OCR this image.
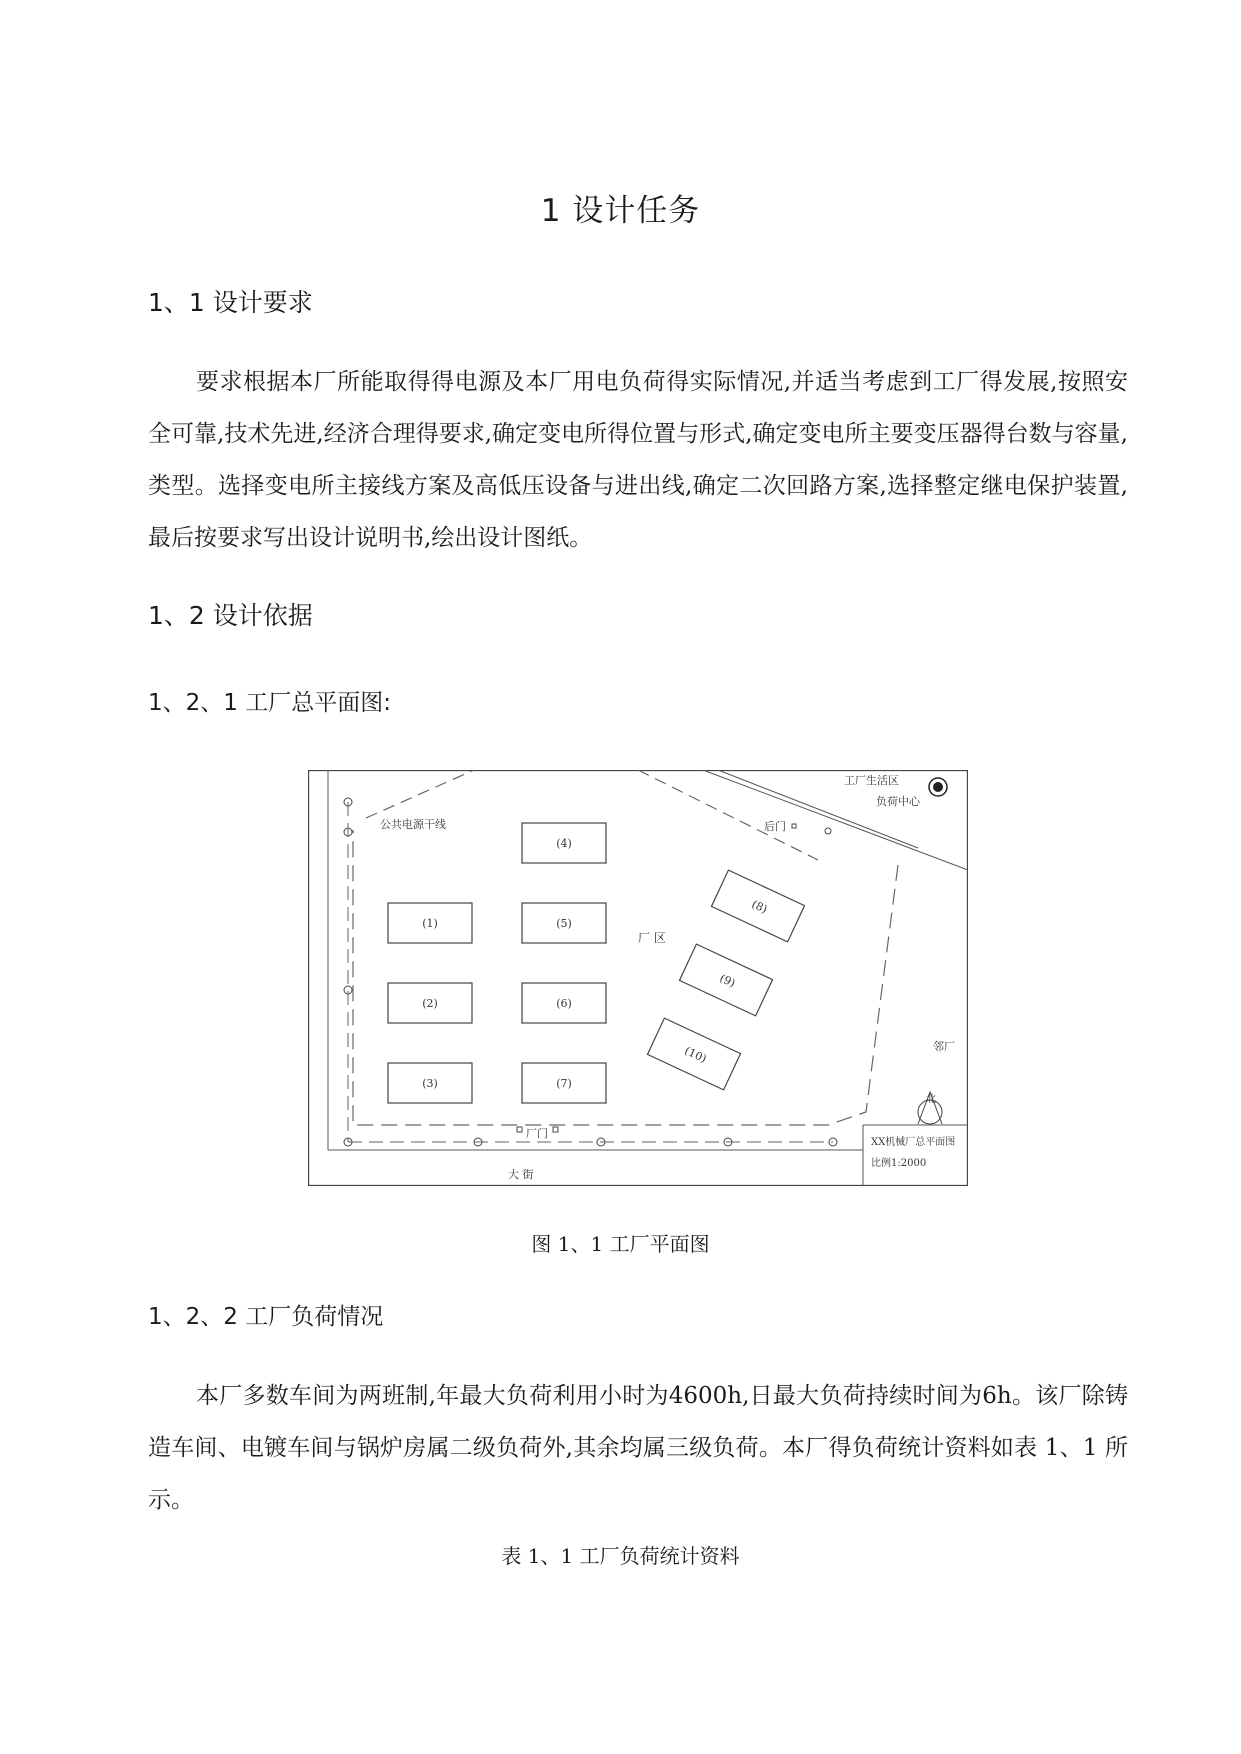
1 设计任务
1、1 设计要求

要求根据本厂所能取得得电源及本厂用电负荷得实际情况,并适当考虑到工厂得发展,按照安全可靠,技术先进,经济合理得要求,确定变电所得位置与形式,确定变电所主要变压器得台数与容量,类型。选择变电所主接线方案及高低压设备与进出线,确定二次回路方案,选择整定继电保护装置,最后按要求写出设计说明书,绘出设计图纸。

1、2 设计依据
1、2、1 工厂总平面图:
(1)
(2)
(3)
(4)
(5)
(6)
(7)
(8)
(9)
(10)
工厂生活区
负荷中心
公共电源干线	后门
厂 区
邻厂
厂门
大 街
北
XX机械厂总平面图
比例1:2000
图 1、1 工厂平面图
1、2、2 工厂负荷情况

本厂多数车间为两班制,年最大负荷利用小时为4600h,日最大负荷持续时间为6h。该厂除铸造车间、电镀车间与锅炉房属二级负荷外,其余均属三级负荷。本厂得负荷统计资料如表 1、1 所示。

表 1、1 工厂负荷统计资料
